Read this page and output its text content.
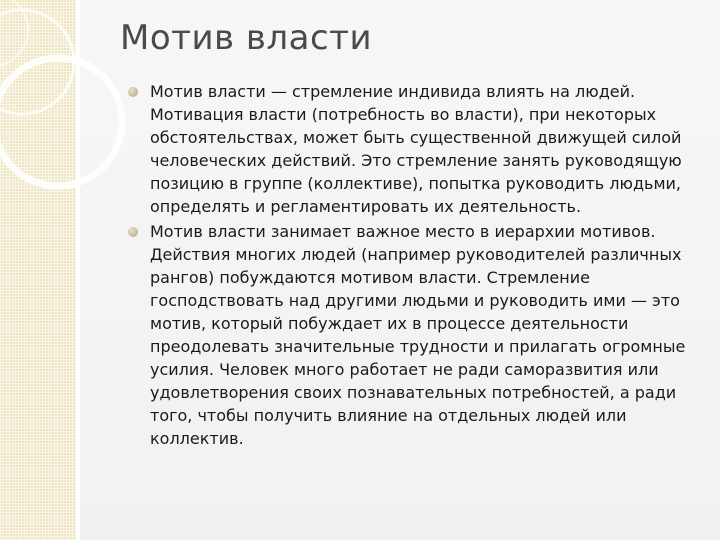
Мотив власти
Мотив власти — стремление индивида влиять на людей. Мотивация власти (потребность во власти), при некоторых обстоятельствах, может быть существенной движущей силой человеческих действий. Это стремление занять руководящую позицию в группе (коллективе), попытка руководить людьми, определять и регламентировать их деятельность.
Мотив власти занимает важное место в иерархии мотивов. Действия многих людей (например руководителей различных рангов) побуждаются мотивом власти. Стремление господствовать над другими людьми и руководить ими — это мотив, который побуждает их в процессе деятельности преодолевать значительные трудности и прилагать огромные усилия. Человек много работает не ради саморазвития или удовлетворения своих познавательных потребностей, а ради того, чтобы получить влияние на отдельных людей или коллектив.
